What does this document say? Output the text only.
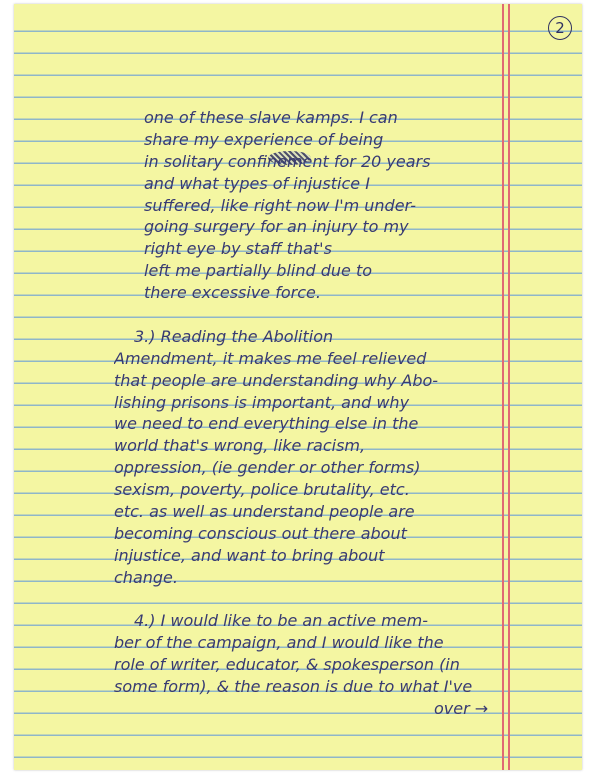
2
one of these slave kamps. I can
share my experience of being
in solitary confinement for 20 years
and what types of injustice I
suffered, like right now I'm under-
going surgery for an injury to my
right eye by staff that's
left me partially blind due to
there excessive force.
3.) Reading the Abolition
Amendment, it makes me feel relieved
that people are understanding why Abo-
lishing prisons is important, and why
we need to end everything else in the
world that's wrong, like racism,
oppression, (ie gender or other forms)
sexism, poverty, police brutality, etc.
etc. as well as understand people are
becoming conscious out there about
injustice, and want to bring about
change.
4.) I would like to be an active mem-
ber of the campaign, and I would like the
role of writer, educator, & spokesperson (in
some form), & the reason is due to what I've
over →
